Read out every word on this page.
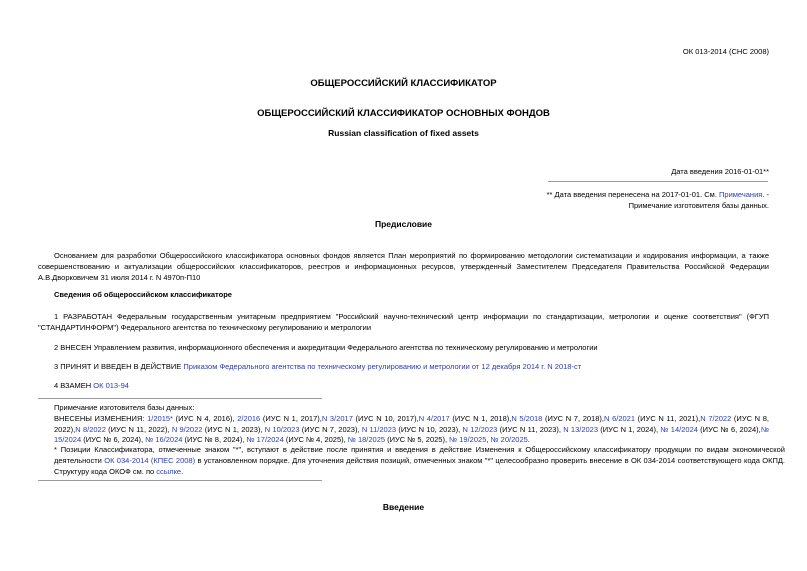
ОК 013-2014 (СНС 2008)
ОБЩЕРОССИЙСКИЙ КЛАССИФИКАТОР
ОБЩЕРОССИЙСКИЙ КЛАССИФИКАТОР ОСНОВНЫХ ФОНДОВ
Russian classification of fixed assets
Дата введения 2016-01-01**
** Дата введения перенесена на 2017-01-01. См. Примечания. -
Примечание изготовителя базы данных.
Предисловие
Основанием для разработки Общероссийского классификатора основных фондов является План мероприятий по формированию методологии систематизации и кодирования информации, а также совершенствованию и актуализации общероссийских классификаторов, реестров и информационных ресурсов, утвержденный Заместителем Председателя Правительства Российской Федерации А.В.Дворковичем 31 июля 2014 г. N 4970п-П10
Сведения об общероссийском классификаторе
1 РАЗРАБОТАН Федеральным государственным унитарным предприятием "Российский научно-технический центр информации по стандартизации, метрологии и оценке соответствия" (ФГУП "СТАНДАРТИНФОРМ") Федерального агентства по техническому регулированию и метрологии
2 ВНЕСЕН Управлением развития, информационного обеспечения и аккредитации Федерального агентства по техническому регулированию и метрологии
3 ПРИНЯТ И ВВЕДЕН В ДЕЙСТВИЕ Приказом Федерального агентства по техническому регулированию и метрологии от 12 декабря 2014 г. N 2018-ст
4 ВЗАМЕН ОК 013-94
Примечание изготовителя базы данных:
ВНЕСЕНЫ ИЗМЕНЕНИЯ: 1/2015* (ИУС N 4, 2016), 2/2016 (ИУС N 1, 2017),N 3/2017 (ИУС N 10, 2017),N 4/2017 (ИУС N 1, 2018),N 5/2018 (ИУС N 7, 2018),N 6/2021 (ИУС N 11, 2021),N 7/2022 (ИУС N 8, 2022),N 8/2022 (ИУС N 11, 2022), N 9/2022 (ИУС N 1, 2023), N 10/2023 (ИУС N 7, 2023), N 11/2023 (ИУС N 10, 2023), N 12/2023 (ИУС N 11, 2023), N 13/2023 (ИУС N 1, 2024), № 14/2024 (ИУС № 6, 2024),№ 15/2024 (ИУС № 6, 2024), № 16/2024 (ИУС № 8, 2024), № 17/2024 (ИУС № 4, 2025), № 18/2025 (ИУС № 5, 2025), № 19/2025, № 20/2025.
* Позиции Классификатора, отмеченные знаком "*", вступают в действие после принятия и введения в действие Изменения к Общероссийскому классификатору продукции по видам экономической деятельности ОК 034-2014 (КПЕС 2008) в установленном порядке. Для уточнения действия позиций, отмеченных знаком "*" целесообразно проверить внесение в ОК 034-2014 соответствующего кода ОКПД. Структуру кода ОКОФ см. по ссылке.
Введение
